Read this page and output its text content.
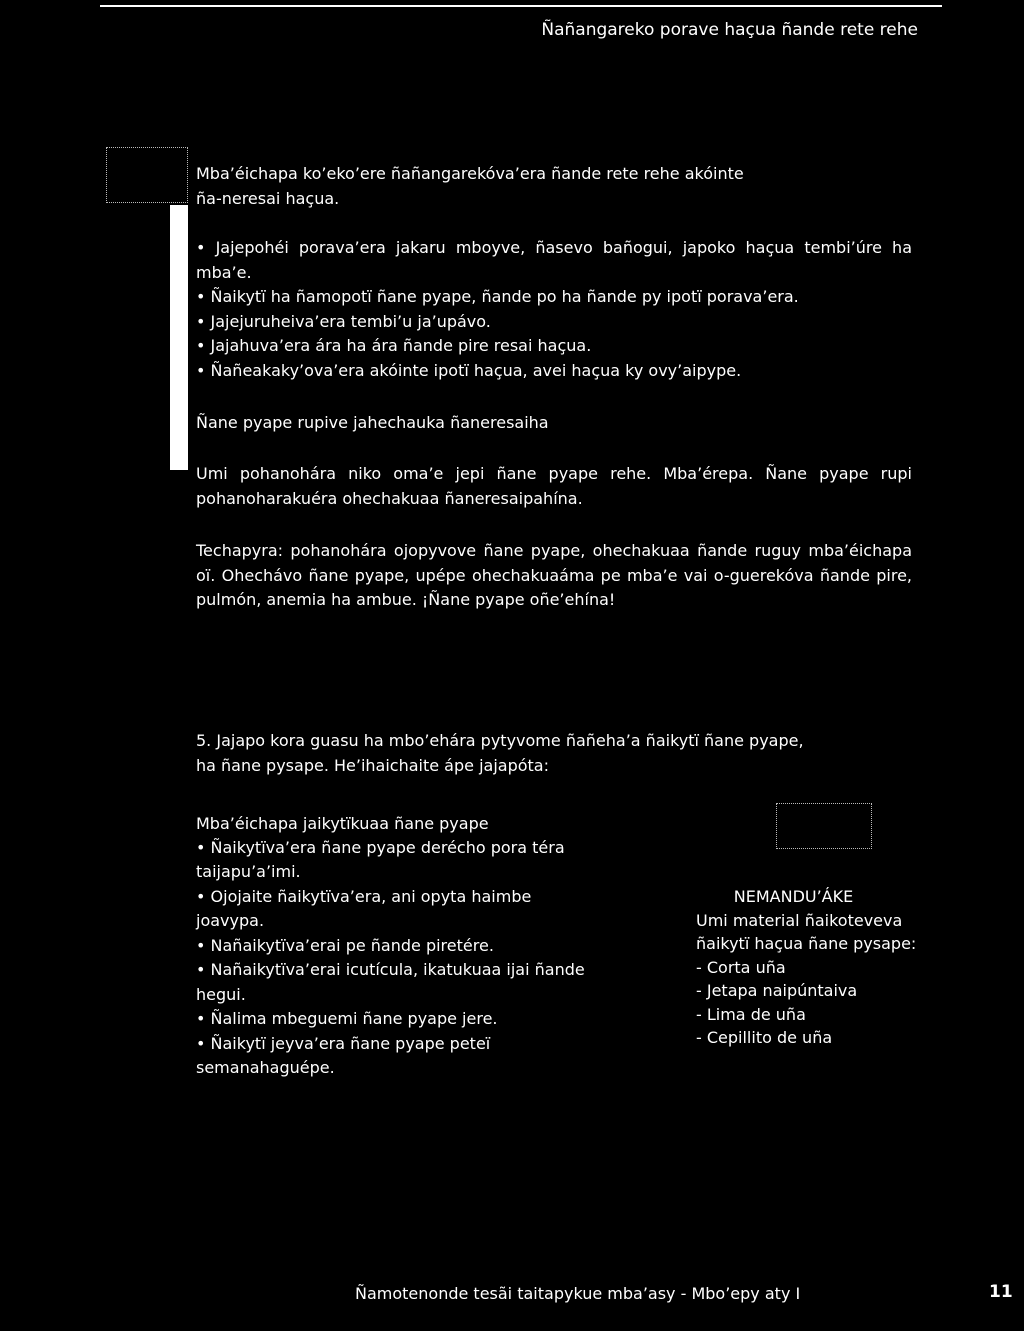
Ñañangareko porave haçua ñande rete rehe

Mba’éichapa ko’eko’ere ñañangarekóva’era ñande rete rehe akóinte ña-neresai haçua.

• Jajepohéi porava’era jakaru mboyve, ñasevo bañogui, japoko haçua tembi’úre ha mba’e.
• Ñaikytï ha ñamopotï ñane pyape, ñande po ha ñande py ipotï porava’era.
• Jajejuruheiva’era tembi’u ja’upávo.
• Jajahuva’era ára ha ára ñande pire resai haçua.
• Ñañeakaky’ova’era akóinte ipotï haçua, avei haçua ky ovy’aipype.

Ñane pyape rupive jahechauka ñaneresaiha

Umi pohanohára niko oma’e jepi ñane pyape rehe. Mba’érepa. Ñane pyape rupi pohanoharakuéra ohechakuaa ñaneresaipahína.

Techapyra: pohanohára ojopyvove ñane pyape, ohechakuaa ñande ruguy mba’éichapa oï. Ohechávo ñane pyape, upépe ohechakuaáma pe mba’e vai o-guerekóva ñande pire, pulmón, anemia ha ambue. ¡Ñane pyape oñe’ehína!

5. Jajapo kora guasu ha mbo’ehára pytyvome ñañeha’a ñaikytï ñane pyape, ha ñane pysape. He’ihaichaite ápe jajapóta:

Mba’éichapa jaikytïkuaa ñane pyape
• Ñaikytïva’era ñane pyape derécho pora téra taijapu’a’imi.
• Ojojaite ñaikytïva’era, ani opyta haimbe joavypa.
• Nañaikytïva’erai pe ñande piretére.
• Nañaikytïva’erai icutícula, ikatukuaa ijai ñande hegui.
• Ñalima mbeguemi ñane pyape jere.
• Ñaikytï jeyva’era ñane pyape peteï semanahaguépe.
NEMANDU’ÁKE
Umi material ñaikoteveva ñaikytï haçua ñane pysape:
- Corta uña
- Jetapa naipúntaiva
- Lima de uña
- Cepillito de uña
Ñamotenonde tesãi taitapykue mba’asy - Mbo’epy aty I	11
